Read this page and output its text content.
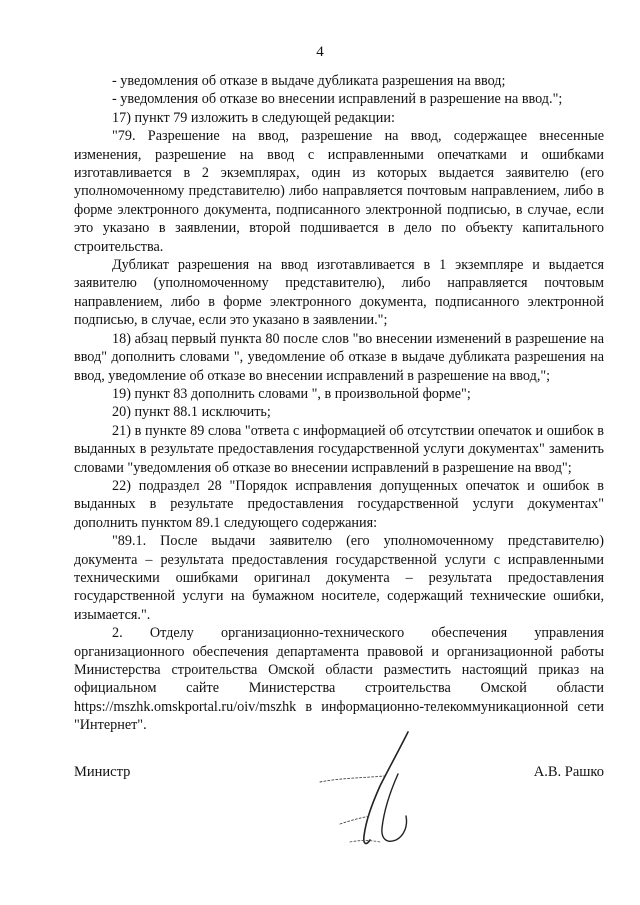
4

- уведомления об отказе в выдаче дубликата разрешения на ввод;

- уведомления об отказе во внесении исправлений в разрешение на ввод.";

17) пункт 79 изложить в следующей редакции:

"79. Разрешение на ввод, разрешение на ввод, содержащее внесенные изменения, разрешение на ввод с исправленными опечатками и ошибками изготавливается в 2 экземплярах, один из которых выдается заявителю (его уполномоченному представителю) либо направляется почтовым направлением, либо в форме электронного документа, подписанного электронной подписью, в случае, если это указано в заявлении, второй подшивается в дело по объекту капитального строительства.

Дубликат разрешения на ввод изготавливается в 1 экземпляре и выдается заявителю (уполномоченному представителю), либо направляется почтовым направлением, либо в форме электронного документа, подписанного электронной подписью, в случае, если это указано в заявлении.";

18) абзац первый пункта 80 после слов "во внесении изменений в разрешение на ввод" дополнить словами ", уведомление об отказе в выдаче дубликата разрешения на ввод, уведомление об отказе во внесении исправлений в разрешение на ввод,";

19) пункт 83 дополнить словами ", в произвольной форме";

20) пункт 88.1 исключить;

21) в пункте 89 слова "ответа с информацией об отсутствии опечаток и ошибок в выданных в результате предоставления государственной услуги документах" заменить словами "уведомления об отказе во внесении исправлений в разрешение на ввод";

22) подраздел 28 "Порядок исправления допущенных опечаток и ошибок в выданных в результате предоставления государственной услуги документах" дополнить пунктом 89.1 следующего содержания:

"89.1. После выдачи заявителю (его уполномоченному представителю) документа – результата предоставления государственной услуги с исправленными техническими ошибками оригинал документа – результата предоставления государственной услуги на бумажном носителе, содержащий технические ошибки, изымается.".

2. Отделу организационно-технического обеспечения управления организационного обеспечения департамента правовой и организационной работы Министерства строительства Омской области разместить настоящий приказ на официальном сайте Министерства строительства Омской области https://mszhk.omskportal.ru/oiv/mszhk в информационно-телекоммуникационной сети "Интернет".

Министр	А.В. Рашко
